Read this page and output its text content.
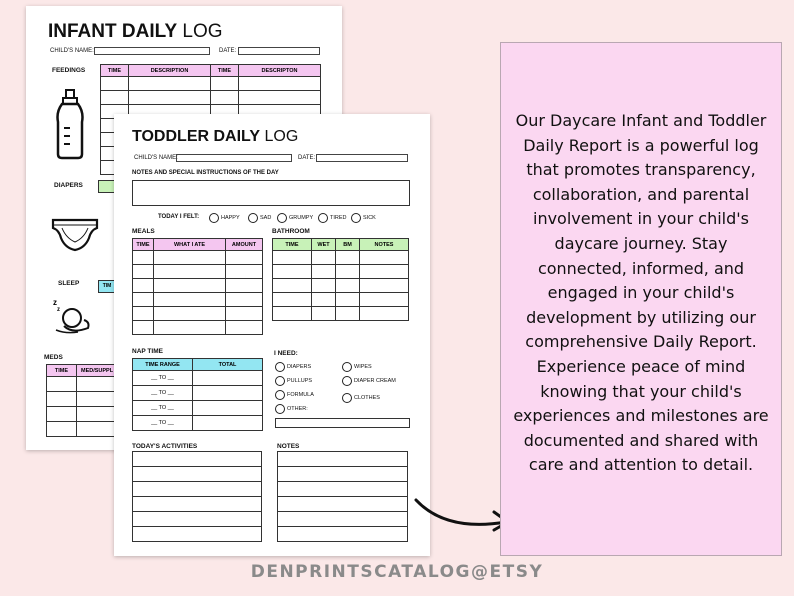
INFANT DAILY LOG
CHILD'S NAME:	DATE:
FEEDINGS	TIME	DESCRIPTION	TIME	DESCRIPTON

DIAPERS
SLEEP	TIM
z
z
MEDS
TIME	MED/SUPPL

TODDLER DAILY LOG
CHILD'S NAME:	DATE:
NOTES AND SPECIAL INSTRUCTIONS OF THE DAY
TODAY I FELT:	HAPPY	SAD	GRUMPY	TIRED	SICK
MEALS
TIME	WHAT I ATE	AMOUNT

BATHROOM
TIME	WET	BM	NOTES

NAP TIME
TIME RANGE	TOTAL
__ TO __	
__ TO __	
__ TO __	
__ TO __	
I NEED:
DIAPERS
PULLUPS
FORMULA
OTHER:
WIPES
DIAPER CREAM
CLOTHES
TODAY'S ACTIVITIES	NOTES

Our Daycare Infant and Toddler Daily Report is a powerful log that promotes transparency, collaboration, and parental involvement in your child's daycare journey. Stay connected, informed, and engaged in your child's development by utilizing our comprehensive Daily Report. Experience peace of mind knowing that your child's experiences and milestones are documented and shared with care and attention to detail.
DENPRINTSCATALOG@ETSY
